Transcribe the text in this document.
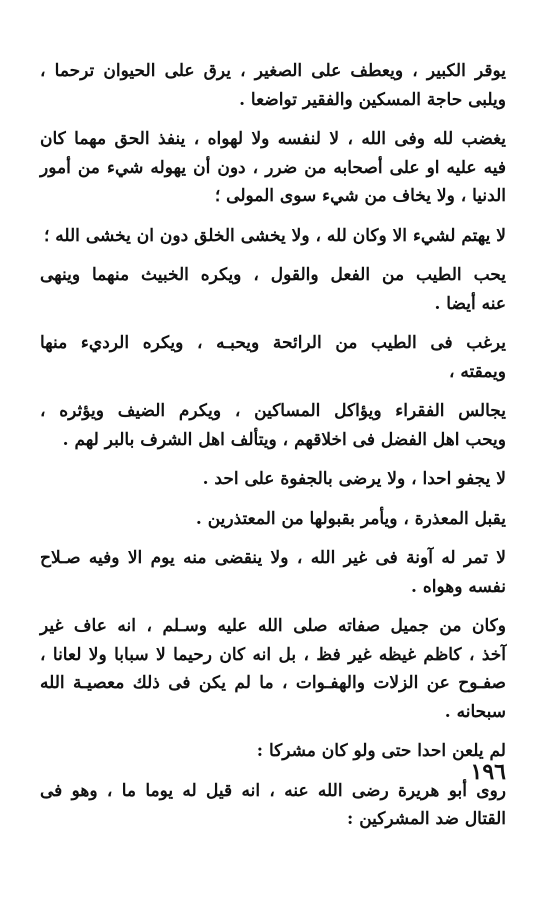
يوقر الكبير ، ويعطف على الصغير ، يرق على الحيوان ترحما ،
ويلبى حاجة المسكين والفقير تواضعا .
يغضب لله وفى الله ، لا لنفسه ولا لهواه ، ينفذ الحق مهما كان
فيه عليه او على أصحابه من ضرر ، دون أن يهوله شيء من أمور
الدنيا ، ولا يخاف من شيء سوى المولى ؛
لا يهتم لشيء الا وكان لله ، ولا يخشى الخلق دون ان يخشى الله ؛
يحب الطيب من الفعل والقول ، ويكره الخبيث منهما وينهى
عنه أيضا .
يرغب فى الطيب من الرائحة ويحبـه ، ويكره الرديء منها
ويمقته ،
يجالس الفقراء ويؤاكل المساكين ، ويكرم الضيف ويؤثره ،
ويحب اهل الفضل فى اخلاقهم ، ويتألف اهل الشرف بالبر لهم .
لا يجفو احدا ، ولا يرضى بالجفوة على احد .
يقبل المعذرة ، ويأمر بقبولها من المعتذرين .
لا تمر له آونة فى غير الله ، ولا ينقضى منه يوم الا وفيه صـلاح
نفسه وهواه .
وكان من جميل صفاته صلى الله عليه وسـلم ، انه عاف غير
آخذ ، كاظم غيظه غير فظ ، بل انه كان رحيما لا سبابا ولا لعانا ،
صفـوح عن الزلات والهفـوات ، ما لم يكن فى ذلك معصيـة الله
سبحانه .
لم يلعن احدا حتى ولو كان مشركا :
روى أبو هريرة رضى الله عنه ، انه قيل له يوما ما ، وهو فى
القتال ضد المشركين :
١٩٦
